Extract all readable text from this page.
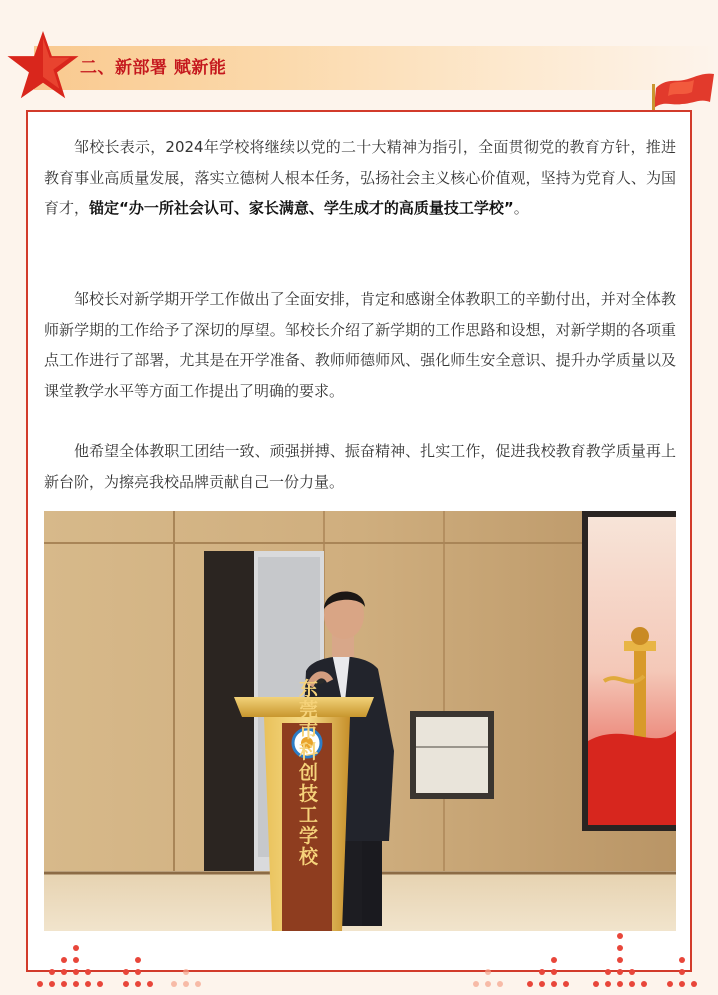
二、新部署 赋新能

邹校长表示，2024年学校将继续以党的二十大精神为指引，全面贯彻党的教育方针，推进教育事业高质量发展，落实立德树人根本任务，弘扬社会主义核心价值观，坚持为党育人、为国育才，锚定“办一所社会认可、家长满意、学生成才的高质量技工学校”。

邹校长对新学期开学工作做出了全面安排，肯定和感谢全体教职工的辛勤付出，并对全体教师新学期的工作给予了深切的厚望。邹校长介绍了新学期的工作思路和设想，对新学期的各项重点工作进行了部署，尤其是在开学准备、教师师德师风、强化师生安全意识、提升办学质量以及课堂教学水平等方面工作提出了明确的要求。

他希望全体教职工团结一致、顽强拼搏、振奋精神、扎实工作，促进我校教育教学质量再上新台阶，为擦亮我校品牌贡献自己一份力量。

东莞市科创技工学校
